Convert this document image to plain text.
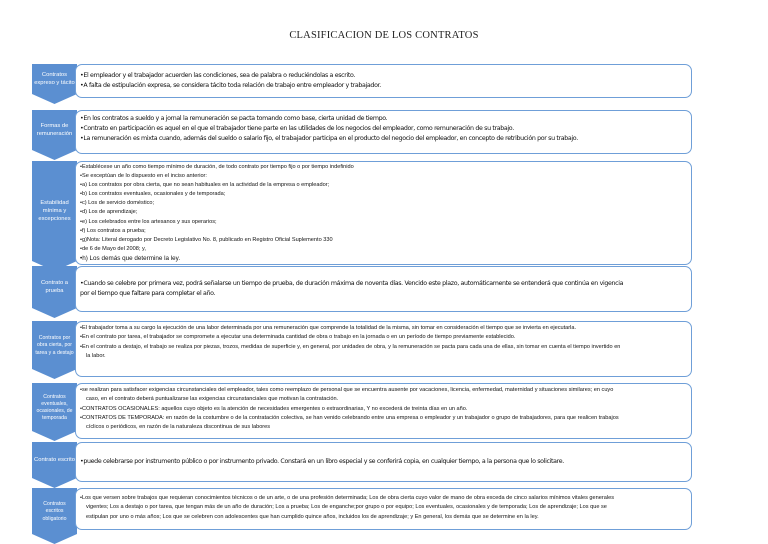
CLASIFICACION DE LOS CONTRATOS
Contratos expreso y tácito
•El empleador y el trabajador acuerden las condiciones, sea de palabra o reduciéndolas a escrito.
•A falta de estipulación expresa, se considera tácito toda relación de trabajo entre empleador y trabajador.
Formas de remuneración
•En los contratos a sueldo y a jornal la remuneración se pacta tomando como base, cierta unidad de tiempo.
•Contrato en participación es aquel en el que el trabajador tiene parte en las utilidades de los negocios del empleador, como remuneración de su trabajo.
•La remuneración es mixta cuando, además del sueldo o salario fijo, el trabajador participa en el producto del negocio del empleador, en concepto de retribución por su trabajo.
Estabilidad mínima y excepciones
•Establécese un año como tiempo mínimo de duración, de todo contrato por tiempo fijo o por tiempo indefinido
•Se exceptúan de lo dispuesto en el inciso anterior:
•a) Los contratos por obra cierta, que no sean habituales en la actividad de la empresa o empleador;
•b) Los contratos eventuales, ocasionales y de temporada;
•c) Los de servicio doméstico;
•d) Los de aprendizaje;
•e) Los celebrados entre los artesanos y sus operarios;
•f) Los contratos a prueba;
•g)Nota: Literal derogado por Decreto Legislativo No. 8, publicado en Registro Oficial Suplemento 330
•de 6 de Mayo del 2008; y,
•h) Los demás que determine la ley.
Contrato a prueba
•Cuando se celebre por primera vez, podrá señalarse un tiempo de prueba, de duración máxima de noventa días. Vencido este plazo, automáticamente se entenderá que continúa en vigencia
por el tiempo que faltare para completar el año.
Contratos por obra cierta, por tarea y a destajo
•El trabajador toma a su cargo la ejecución de una labor determinada por una remuneración que comprende la totalidad de la misma, sin tomar en consideración el tiempo que se invierta en ejecutarla.
•En el contrato por tarea, el trabajador se compromete a ejecutar una determinada cantidad de obra o trabajo en la jornada o en un período de tiempo previamente establecido.
•En el contrato a destajo, el trabajo se realiza por piezas, trozos, medidas de superficie y, en general, por unidades de obra, y la remuneración se pacta para cada una de ellas, sin tomar en cuenta el tiempo invertido en
la labor.
Contratos eventuales, ocasionales, de temporada
•se realizan para satisfacer exigencias circunstanciales del empleador, tales como reemplazo de personal que se encuentra ausente por vacaciones, licencia, enfermedad, maternidad y situaciones similares; en cuyo
caso, en el contrato deberá puntualizarse las exigencias circunstanciales que motivan la contratación.
•CONTRATOS OCASIONALES: aquellos cuyo objeto es la atención de necesidades emergentes o extraordinarias, Y no excederá de treinta días en un año.
•CONTRATOS DE TEMPORADA: en razón de la costumbre o de la contratación colectiva, se han venido celebrando entre una empresa o empleador y un trabajador o grupo de trabajadores, para que realicen trabajos
cíclicos o periódicos, en razón de la naturaleza discontinua de sus labores
Contrato escrito •puede celebrarse por instrumento público o por instrumento privado. Constará en un libro especial y se conferirá copia, en cualquier tiempo, a la persona que lo solicitare.
Contratos escritos obligatorio
•Los que versen sobre trabajos que requieran conocimientos técnicos o de un arte, o de una profesión determinada; Los de obra cierta cuyo valor de mano de obra exceda de cinco salarios mínimos vitales generales
vigentes; Los a destajo o por tarea, que tengan más de un año de duración; Los a prueba; Los de enganche;por grupo o por equipo; Los eventuales, ocasionales y de temporada; Los de aprendizaje; Los que se
estipulan por uno o más años; Los que se celebren con adolescentes que han cumplido quince años, incluidos los de aprendizaje; y En general, los demás que se determine en la ley.
